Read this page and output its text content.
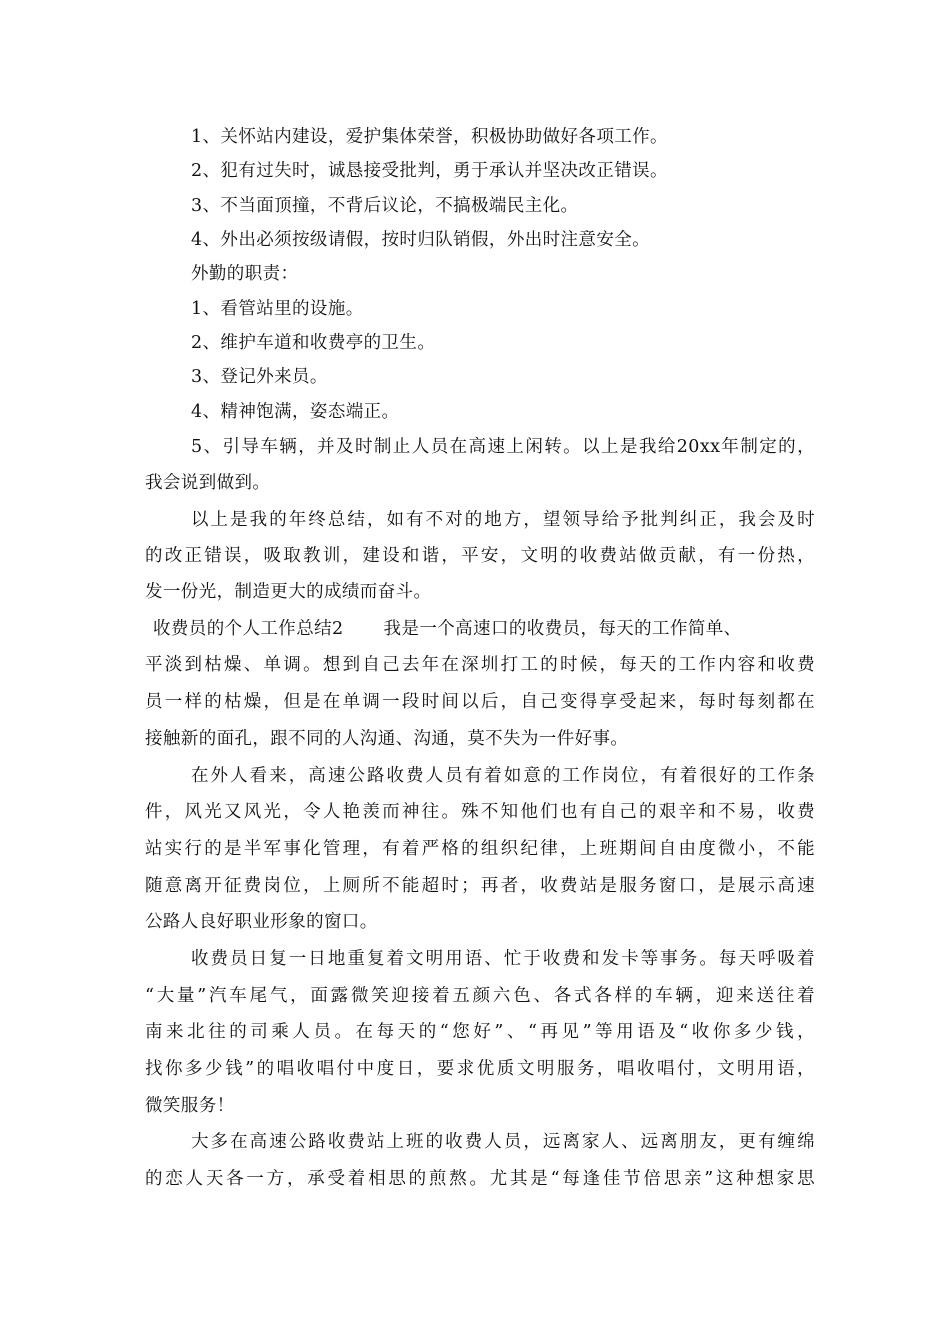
1、关怀站内建设，爱护集体荣誉，积极协助做好各项工作。
2、犯有过失时，诚恳接受批判，勇于承认并坚决改正错误。
3、不当面顶撞，不背后议论，不搞极端民主化。
4、外出必须按级请假，按时归队销假，外出时注意安全。
外勤的职责：
1、看管站里的设施。
2、维护车道和收费亭的卫生。
3、登记外来员。
4、精神饱满，姿态端正。
5、引导车辆，并及时制止人员在高速上闲转。以上是我给20xx年制定的，
我会说到做到。
以上是我的年终总结，如有不对的地方，望领导给予批判纠正，我会及时
的改正错误，吸取教训，建设和谐，平安，文明的收费站做贡献，有一份热，
发一份光，制造更大的成绩而奋斗。
收费员的个人工作总结2 我是一个高速口的收费员，每天的工作简单、
平淡到枯燥、单调。想到自己去年在深圳打工的时候，每天的工作内容和收费
员一样的枯燥，但是在单调一段时间以后，自己变得享受起来，每时每刻都在
接触新的面孔，跟不同的人沟通、沟通，莫不失为一件好事。
在外人看来，高速公路收费人员有着如意的工作岗位，有着很好的工作条
件，风光又风光，令人艳羡而神往。殊不知他们也有自己的艰辛和不易，收费
站实行的是半军事化管理，有着严格的组织纪律，上班期间自由度微小，不能
随意离开征费岗位，上厕所不能超时；再者，收费站是服务窗口，是展示高速
公路人良好职业形象的窗口。
收费员日复一日地重复着文明用语、忙于收费和发卡等事务。每天呼吸着
“大量”汽车尾气，面露微笑迎接着五颜六色、各式各样的车辆，迎来送往着
南来北往的司乘人员。在每天的“您好”、“再见”等用语及“收你多少钱，
找你多少钱”的唱收唱付中度日，要求优质文明服务，唱收唱付，文明用语，
微笑服务！
大多在高速公路收费站上班的收费人员，远离家人、远离朋友，更有缠绵
的恋人天各一方，承受着相思的煎熬。尤其是“每逢佳节倍思亲”这种想家思
